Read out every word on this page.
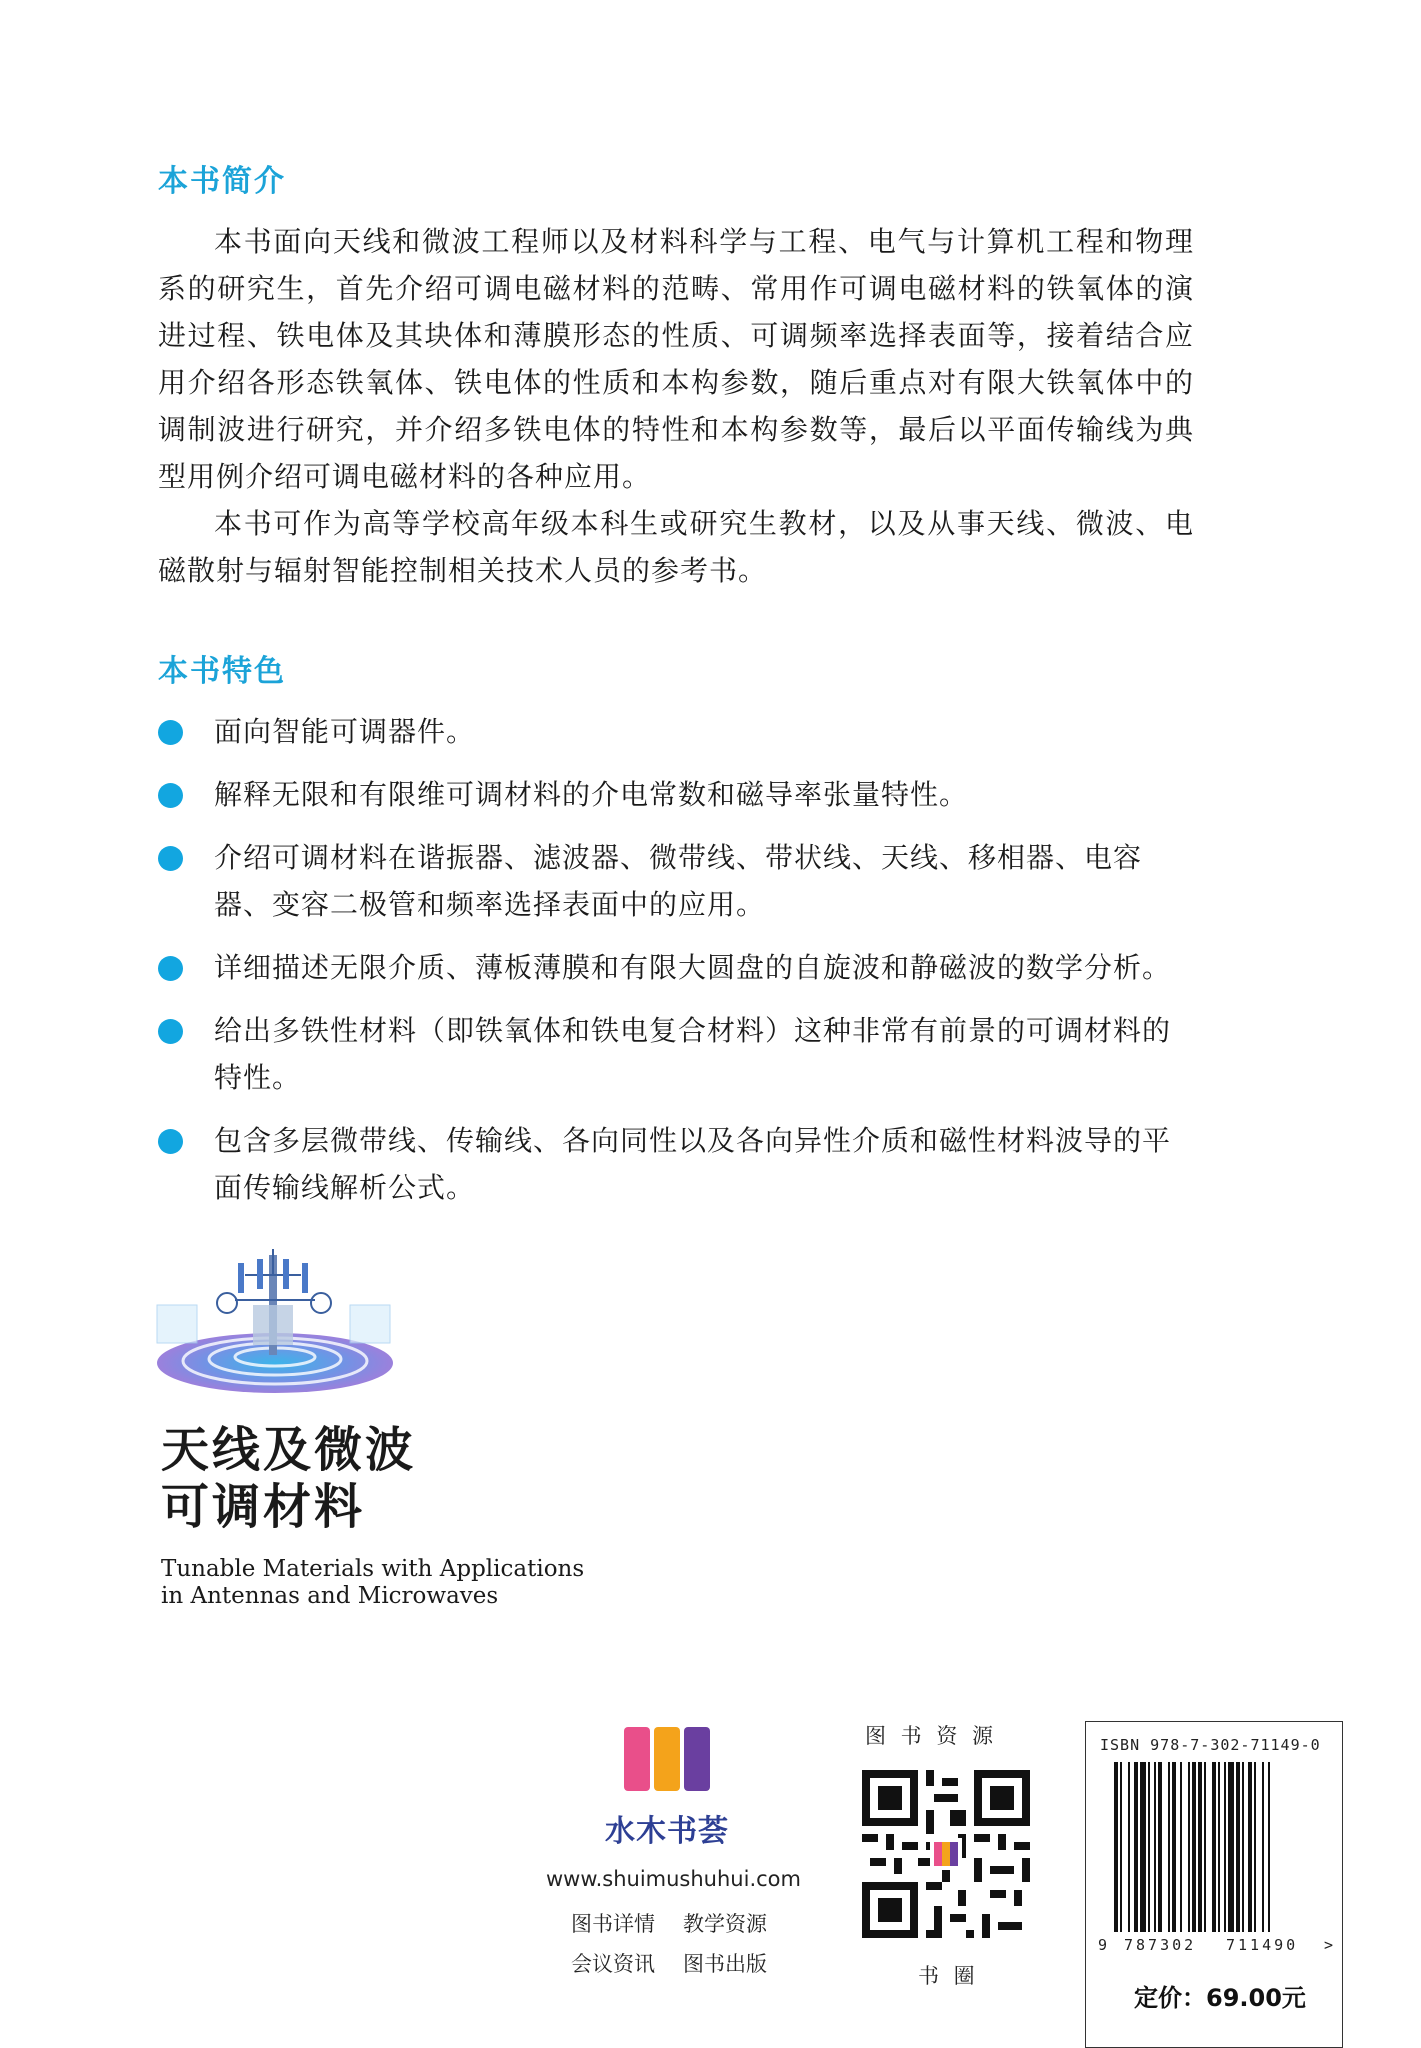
本书简介

本书面向天线和微波工程师以及材料科学与工程、电气与计算机工程和物理系的研究生，首先介绍可调电磁材料的范畴、常用作可调电磁材料的铁氧体的演进过程、铁电体及其块体和薄膜形态的性质、可调频率选择表面等，接着结合应用介绍各形态铁氧体、铁电体的性质和本构参数，随后重点对有限大铁氧体中的调制波进行研究，并介绍多铁电体的特性和本构参数等，最后以平面传输线为典型用例介绍可调电磁材料的各种应用。

本书可作为高等学校高年级本科生或研究生教材，以及从事天线、微波、电磁散射与辐射智能控制相关技术人员的参考书。

本书特色
面向智能可调器件。
解释无限和有限维可调材料的介电常数和磁导率张量特性。
介绍可调材料在谐振器、滤波器、微带线、带状线、天线、移相器、电容器、变容二极管和频率选择表面中的应用。
详细描述无限介质、薄板薄膜和有限大圆盘的自旋波和静磁波的数学分析。
给出多铁性材料（即铁氧体和铁电复合材料）这种非常有前景的可调材料的特性。
包含多层微带线、传输线、各向同性以及各向异性介质和磁性材料波导的平面传输线解析公式。
天线及微波
可调材料
Tunable Materials with Applications
in Antennas and Microwaves
水木书荟
www.shuimushuhui.com
图书详情 教学资源
会议资讯 图书出版
图 书 资 源
书 圈
ISBN 978-7-302-71149-0
9 787302 711490 >
定价：69.00元
